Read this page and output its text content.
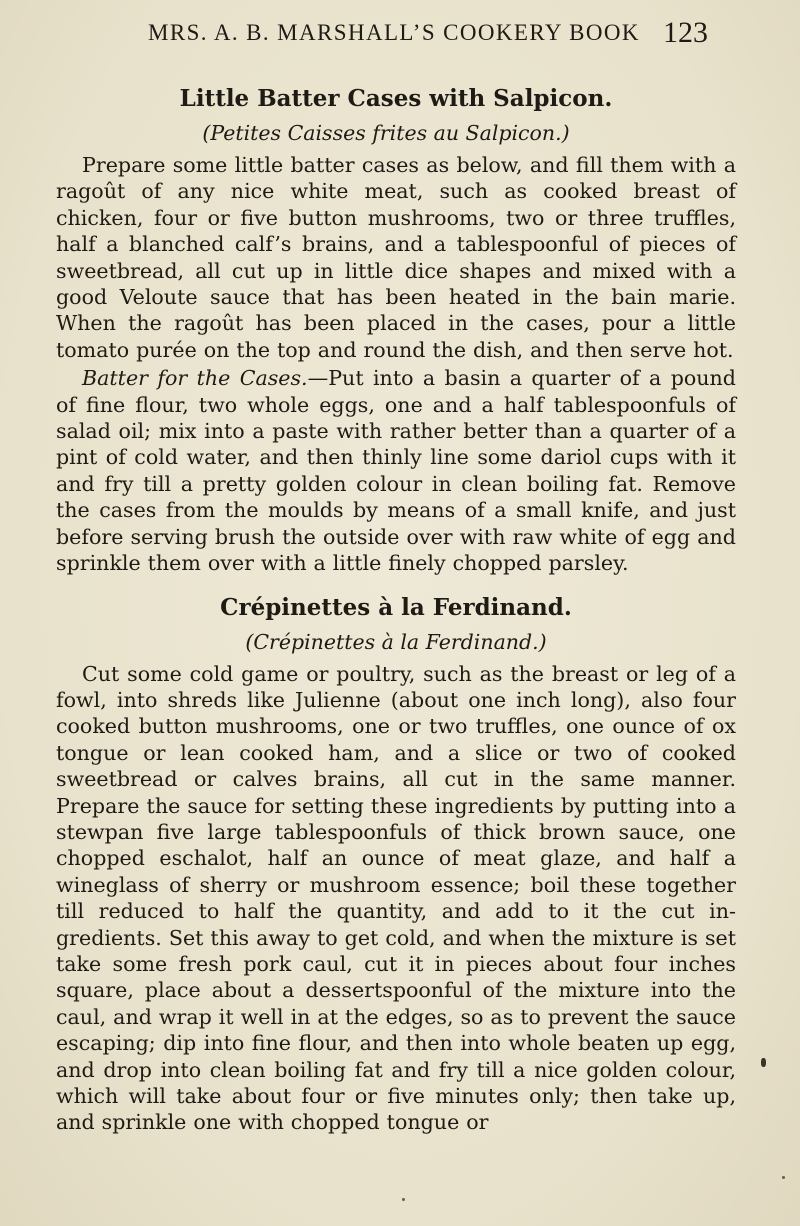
MRS. A. B. MARSHALL’S COOKERY BOOK 123
Little Batter Cases with Salpicon.

(Petites Caisses frites au Salpicon.)

Prepare some little batter cases as below, and fill them with a ragoût of any nice white meat, such as cooked breast of chicken, four or five button mushrooms, two or three truffles, half a blanched calf’s brains, and a tablespoonful of pieces of sweetbread, all cut up in little dice shapes and mixed with a good Veloute sauce that has been heated in the bain marie. When the ragoût has been placed in the cases, pour a little tomato purée on the top and round the dish, and then serve hot.

Batter for the Cases.—Put into a basin a quarter of a pound of fine flour, two whole eggs, one and a half tablespoonfuls of salad oil; mix into a paste with rather better than a quarter of a pint of cold water, and then thinly line some dariol cups with it and fry till a pretty golden colour in clean boiling fat. Remove the cases from the moulds by means of a small knife, and just before serving brush the outside over with raw white of egg and sprinkle them over with a little finely chopped parsley.

Crépinettes à la Ferdinand.

(Crépinettes à la Ferdinand.)

Cut some cold game or poultry, such as the breast or leg of a fowl, into shreds like Julienne (about one inch long), also four cooked button mushrooms, one or two truffles, one ounce of ox tongue or lean cooked ham, and a slice or two of cooked sweetbread or calves brains, all cut in the same manner. Prepare the sauce for setting these ingredients by putting into a stewpan five large tablespoonfuls of thick brown sauce, one chopped eschalot, half an ounce of meat glaze, and half a wineglass of sherry or mushroom essence; boil these together till reduced to half the quantity, and add to it the cut in-gredients. Set this away to get cold, and when the mixture is set take some fresh pork caul, cut it in pieces about four inches square, place about a dessertspoonful of the mixture into the caul, and wrap it well in at the edges, so as to prevent the sauce escaping; dip into fine flour, and then into whole beaten up egg, and drop into clean boiling fat and fry till a nice golden colour, which will take about four or five minutes only; then take up, and sprinkle one with chopped tongue or
